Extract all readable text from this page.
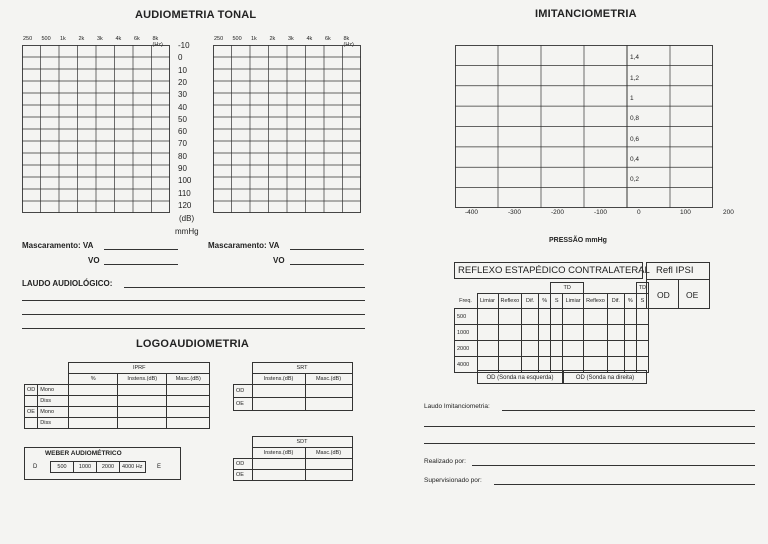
AUDIOMETRIA TONAL
250 500 1k 2k 3k 4k 6k 8k (Hz)	-10
0
10
20
30
40
50
60
70
80
90
100
110
120
(dB)
mmHg
250 500 1k 2k 3k 4k 6k 8k (Hz)
Mascaramento: VA
VO
Mascaramento: VA
VO
LAUDO AUDIOLÓGICO:
LOGOAUDIOMETRIA
		IPRF		
		%	Instens.(dB)	Masc.(dB)
OD	Mono			
	Diss			
OE	Mono			
	Diss			
	SRT	
	Instens.(dB)	Masc.(dB)
OD		
OE		
	SDT	
	Instens.(dB)	Masc.(dB)
OD		
OE		
WEBER AUDIOMÉTRICO
D	500	1000	2000	4000 Hz E
IMITANCIOMETRIA
1,4
1,2
1
0,8
0,6
0,4
0,2
-400	-300	-200	-100	0	100	200
PRESSÃO mmHg
REFLEXO ESTAPÉDICO CONTRALATERAL Refl IPSI
OD OE
					TD					TD
Freq.	Limiar	Reflexo	Dif.	%	S	Limiar	Reflexo	Dif.	%	S
500										
1000										
2000										
4000										
OD (Sonda na esquerda)	OD (Sonda na direita)
Laudo Imitanciometria:
Realizado por:
Supervisionado por:
